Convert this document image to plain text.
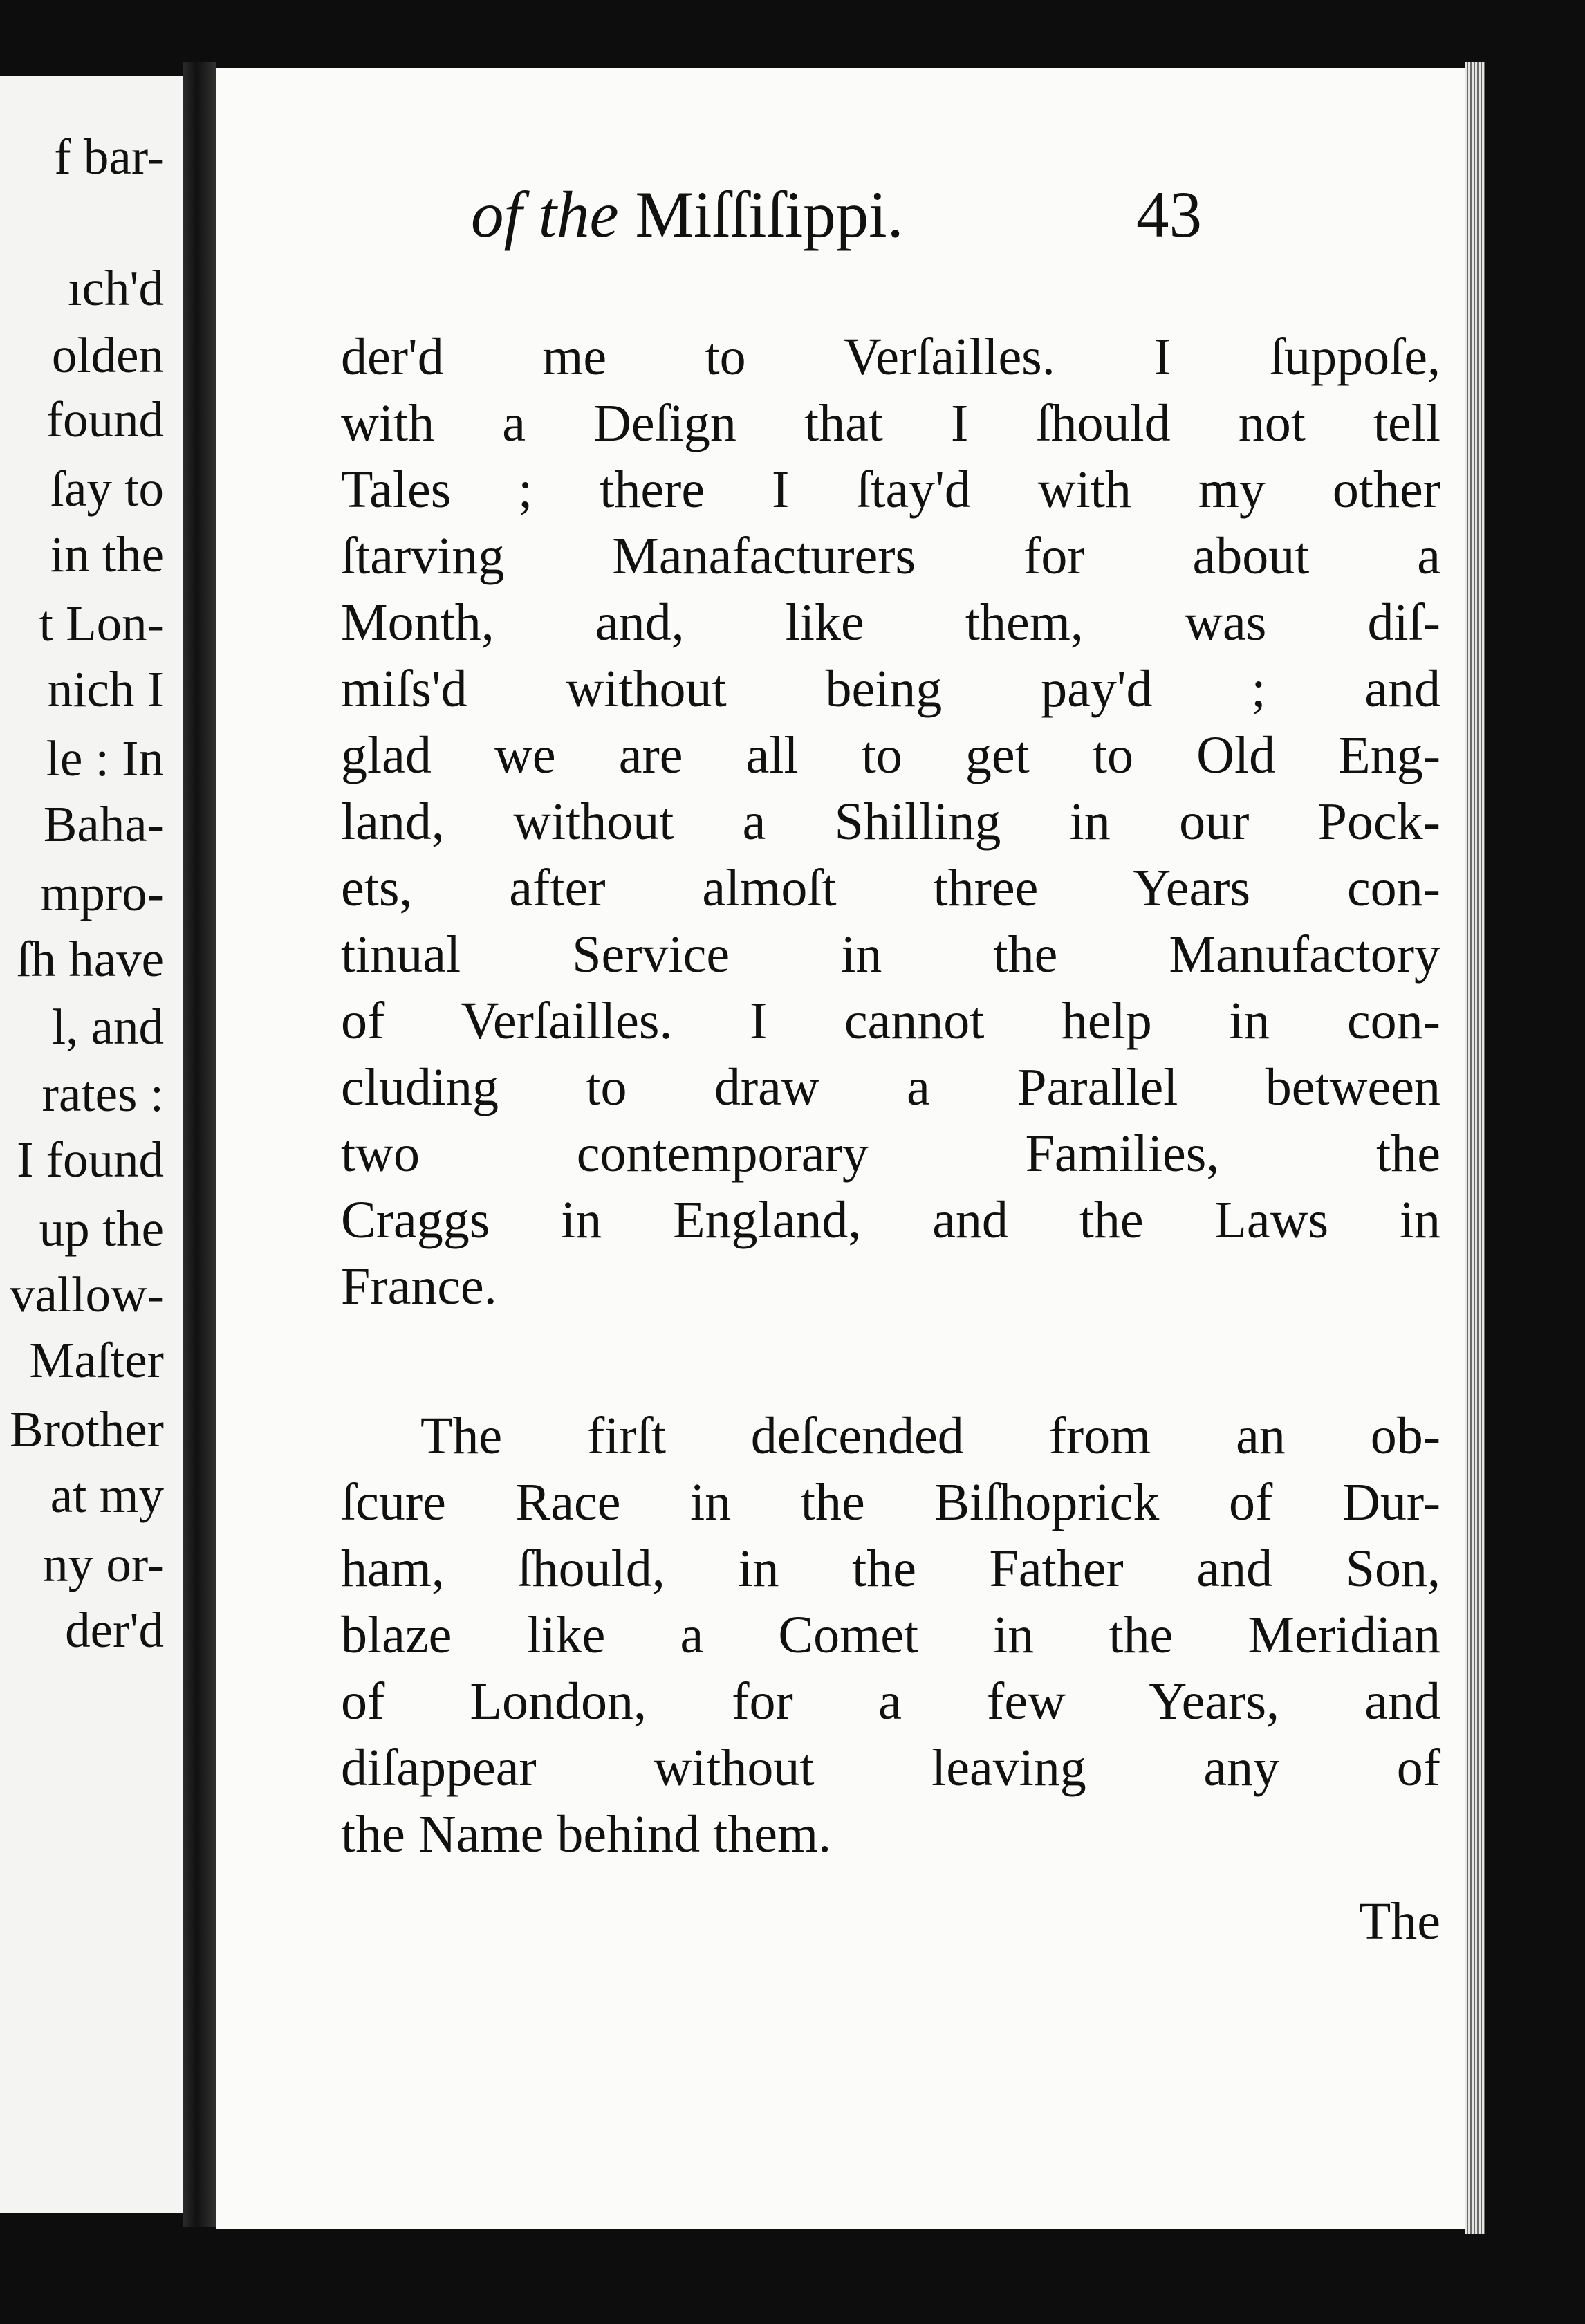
f bar-
ıch'd
olden
found
ſay to
in the
t Lon-
nich I
le : In
Baha-
mpro-
ſh have
l, and
rates :
I found
up the
vallow-
Maſter
Brother
at my
ny or-
der'd
of the Miſſiſippi.	43
der'd me to Verſailles. I ſuppoſe,
with a Deſign that I ſhould not tell
Tales ; there I ſtay'd with my other
ſtarving Manafacturers for about a
Month, and, like them, was diſ-
miſs'd without being pay'd ; and
glad we are all to get to Old Eng-
land, without a Shilling in our Pock-
ets, after almoſt three Years con-
tinual Service in the Manufactory
of Verſailles. I cannot help in con-
cluding to draw a Parallel between
two contemporary Families, the
Craggs in England, and the Laws in
France.
The firſt deſcended from an ob-
ſcure Race in the Biſhoprick of Dur-
ham, ſhould, in the Father and Son,
blaze like a Comet in the Meridian
of London, for a few Years, and
diſappear without leaving any of
the Name behind them.
The
